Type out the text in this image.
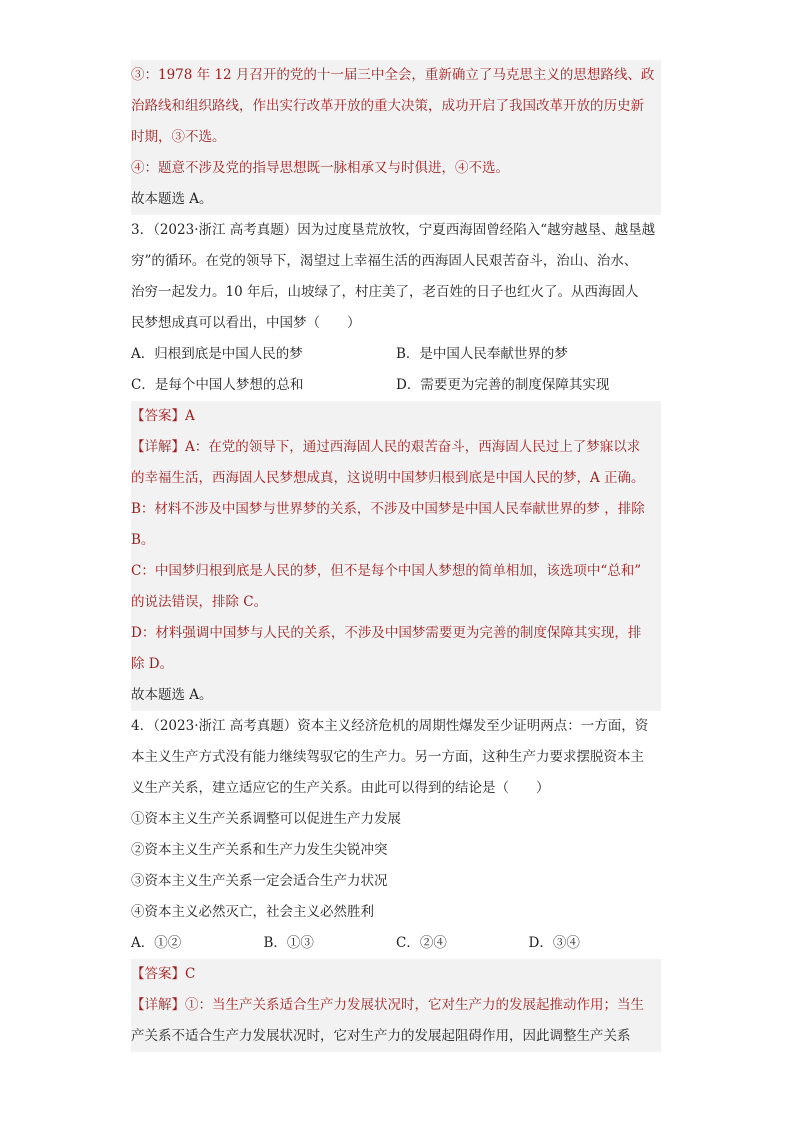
③：1978 年 12 月召开的党的十一届三中全会，重新确立了马克思主义的思想路线、政
治路线和组织路线，作出实行改革开放的重大决策，成功开启了我国改革开放的历史新
时期，③不选。
④：题意不涉及党的指导思想既一脉相承又与时俱进，④不选。
故本题选 A。
3．（2023·浙江 高考真题）因为过度垦荒放牧，宁夏西海固曾经陷入“越穷越垦、越垦越
穷”的循环。在党的领导下，渴望过上幸福生活的西海固人民艰苦奋斗，治山、治水、
治穷一起发力。10 年后，山坡绿了，村庄美了，老百姓的日子也红火了。从西海固人
民梦想成真可以看出，中国梦（　　）
A．归根到底是中国人民的梦	B．是中国人民奉献世界的梦
C．是每个中国人梦想的总和	D．需要更为完善的制度保障其实现
【答案】A
【详解】A：在党的领导下，通过西海固人民的艰苦奋斗，西海固人民过上了梦寐以求
的幸福生活，西海固人民梦想成真，这说明中国梦归根到底是中国人民的梦，A 正确。
B：材料不涉及中国梦与世界梦的关系，不涉及中国梦是中国人民奉献世界的梦 ，排除
B。
C：中国梦归根到底是人民的梦，但不是每个中国人梦想的简单相加，该选项中“总和”
的说法错误，排除 C。
D：材料强调中国梦与人民的关系，不涉及中国梦需要更为完善的制度保障其实现，排
除 D。
故本题选 A。
4．（2023·浙江 高考真题）资本主义经济危机的周期性爆发至少证明两点：一方面，资
本主义生产方式没有能力继续驾驭它的生产力。另一方面，这种生产力要求摆脱资本主
义生产关系，建立适应它的生产关系。由此可以得到的结论是（　　）
①资本主义生产关系调整可以促进生产力发展
②资本主义生产关系和生产力发生尖锐冲突
③资本主义生产关系一定会适合生产力状况
④资本主义必然灭亡，社会主义必然胜利
A．①②	B．①③	C．②④	D．③④
【答案】C
【详解】①：当生产关系适合生产力发展状况时，它对生产力的发展起推动作用；当生
产关系不适合生产力发展状况时，它对生产力的发展起阻碍作用，因此调整生产关系
